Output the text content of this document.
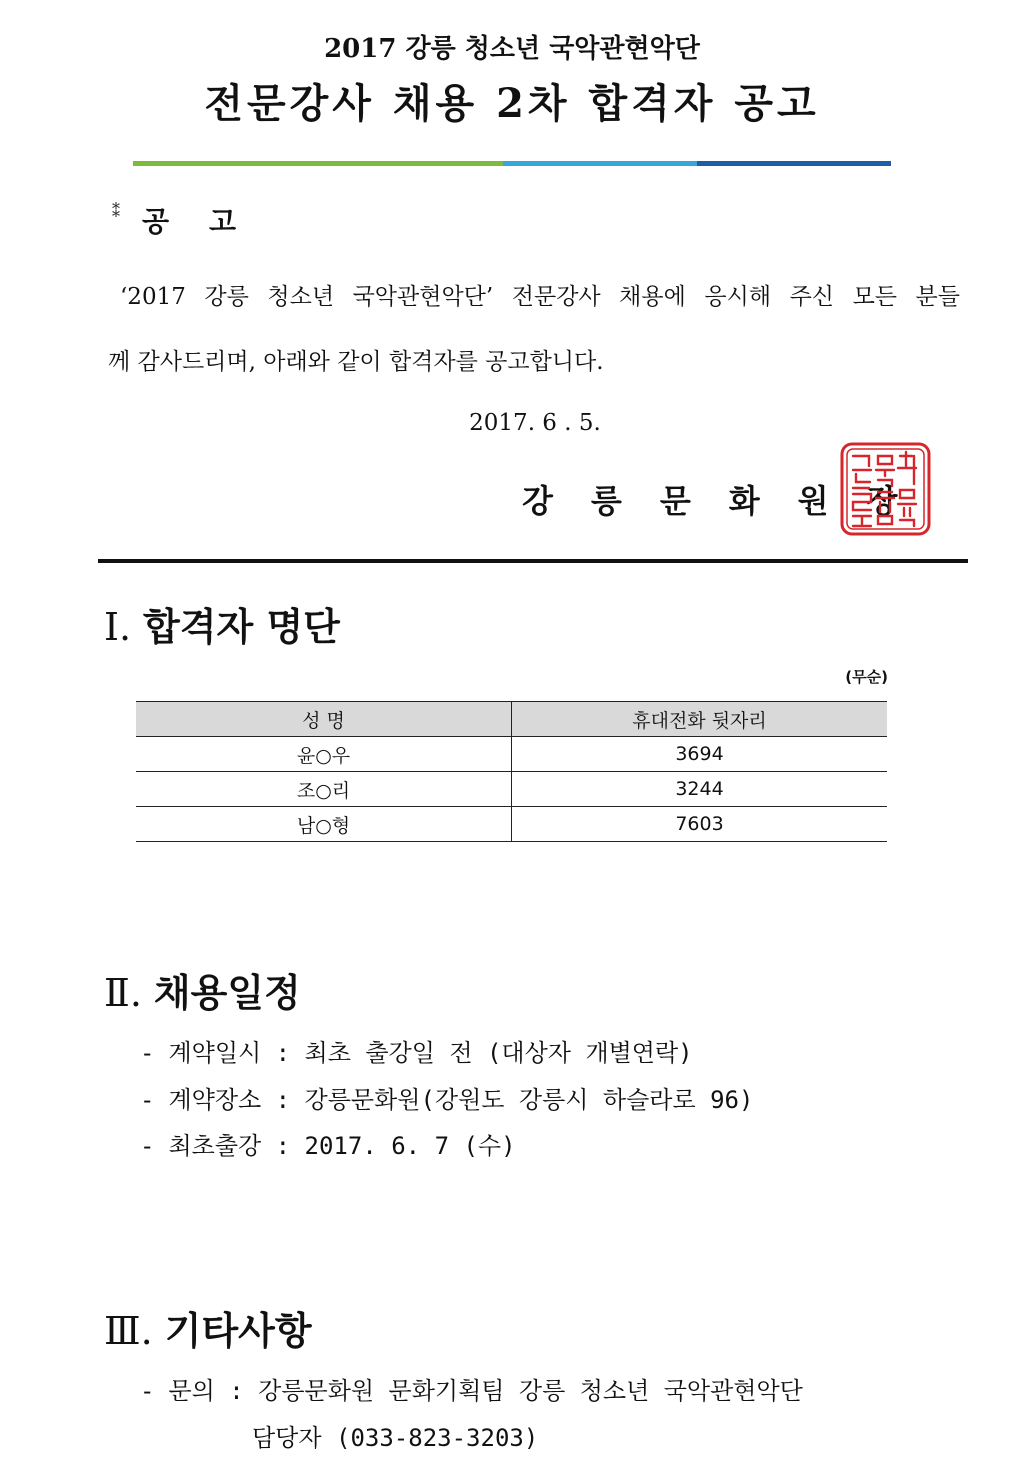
2017 강릉 청소년 국악관현악단
전문강사 채용 2차 합격자 공고
⁑ 공고
‘2017 강릉 청소년 국악관현악단’ 전문강사 채용에 응시해 주신 모든 분들
께 감사드리며, 아래와 같이 합격자를 공고합니다.
2017. 6 . 5.
강릉문화원장
Ⅰ. 합격자 명단
(무순)
성 명	휴대전화 뒷자리
윤○우	3694
조○리	3244
남○형	7603
Ⅱ. 채용일정
- 계약일시 : 최초 출강일 전 (대상자 개별연락)
- 계약장소 : 강릉문화원(강원도 강릉시 하슬라로 96)
- 최초출강 : 2017. 6. 7 (수)
Ⅲ. 기타사항
- 문의 : 강릉문화원 문화기획팀 강릉 청소년 국악관현악단
담당자 (033-823-3203)
